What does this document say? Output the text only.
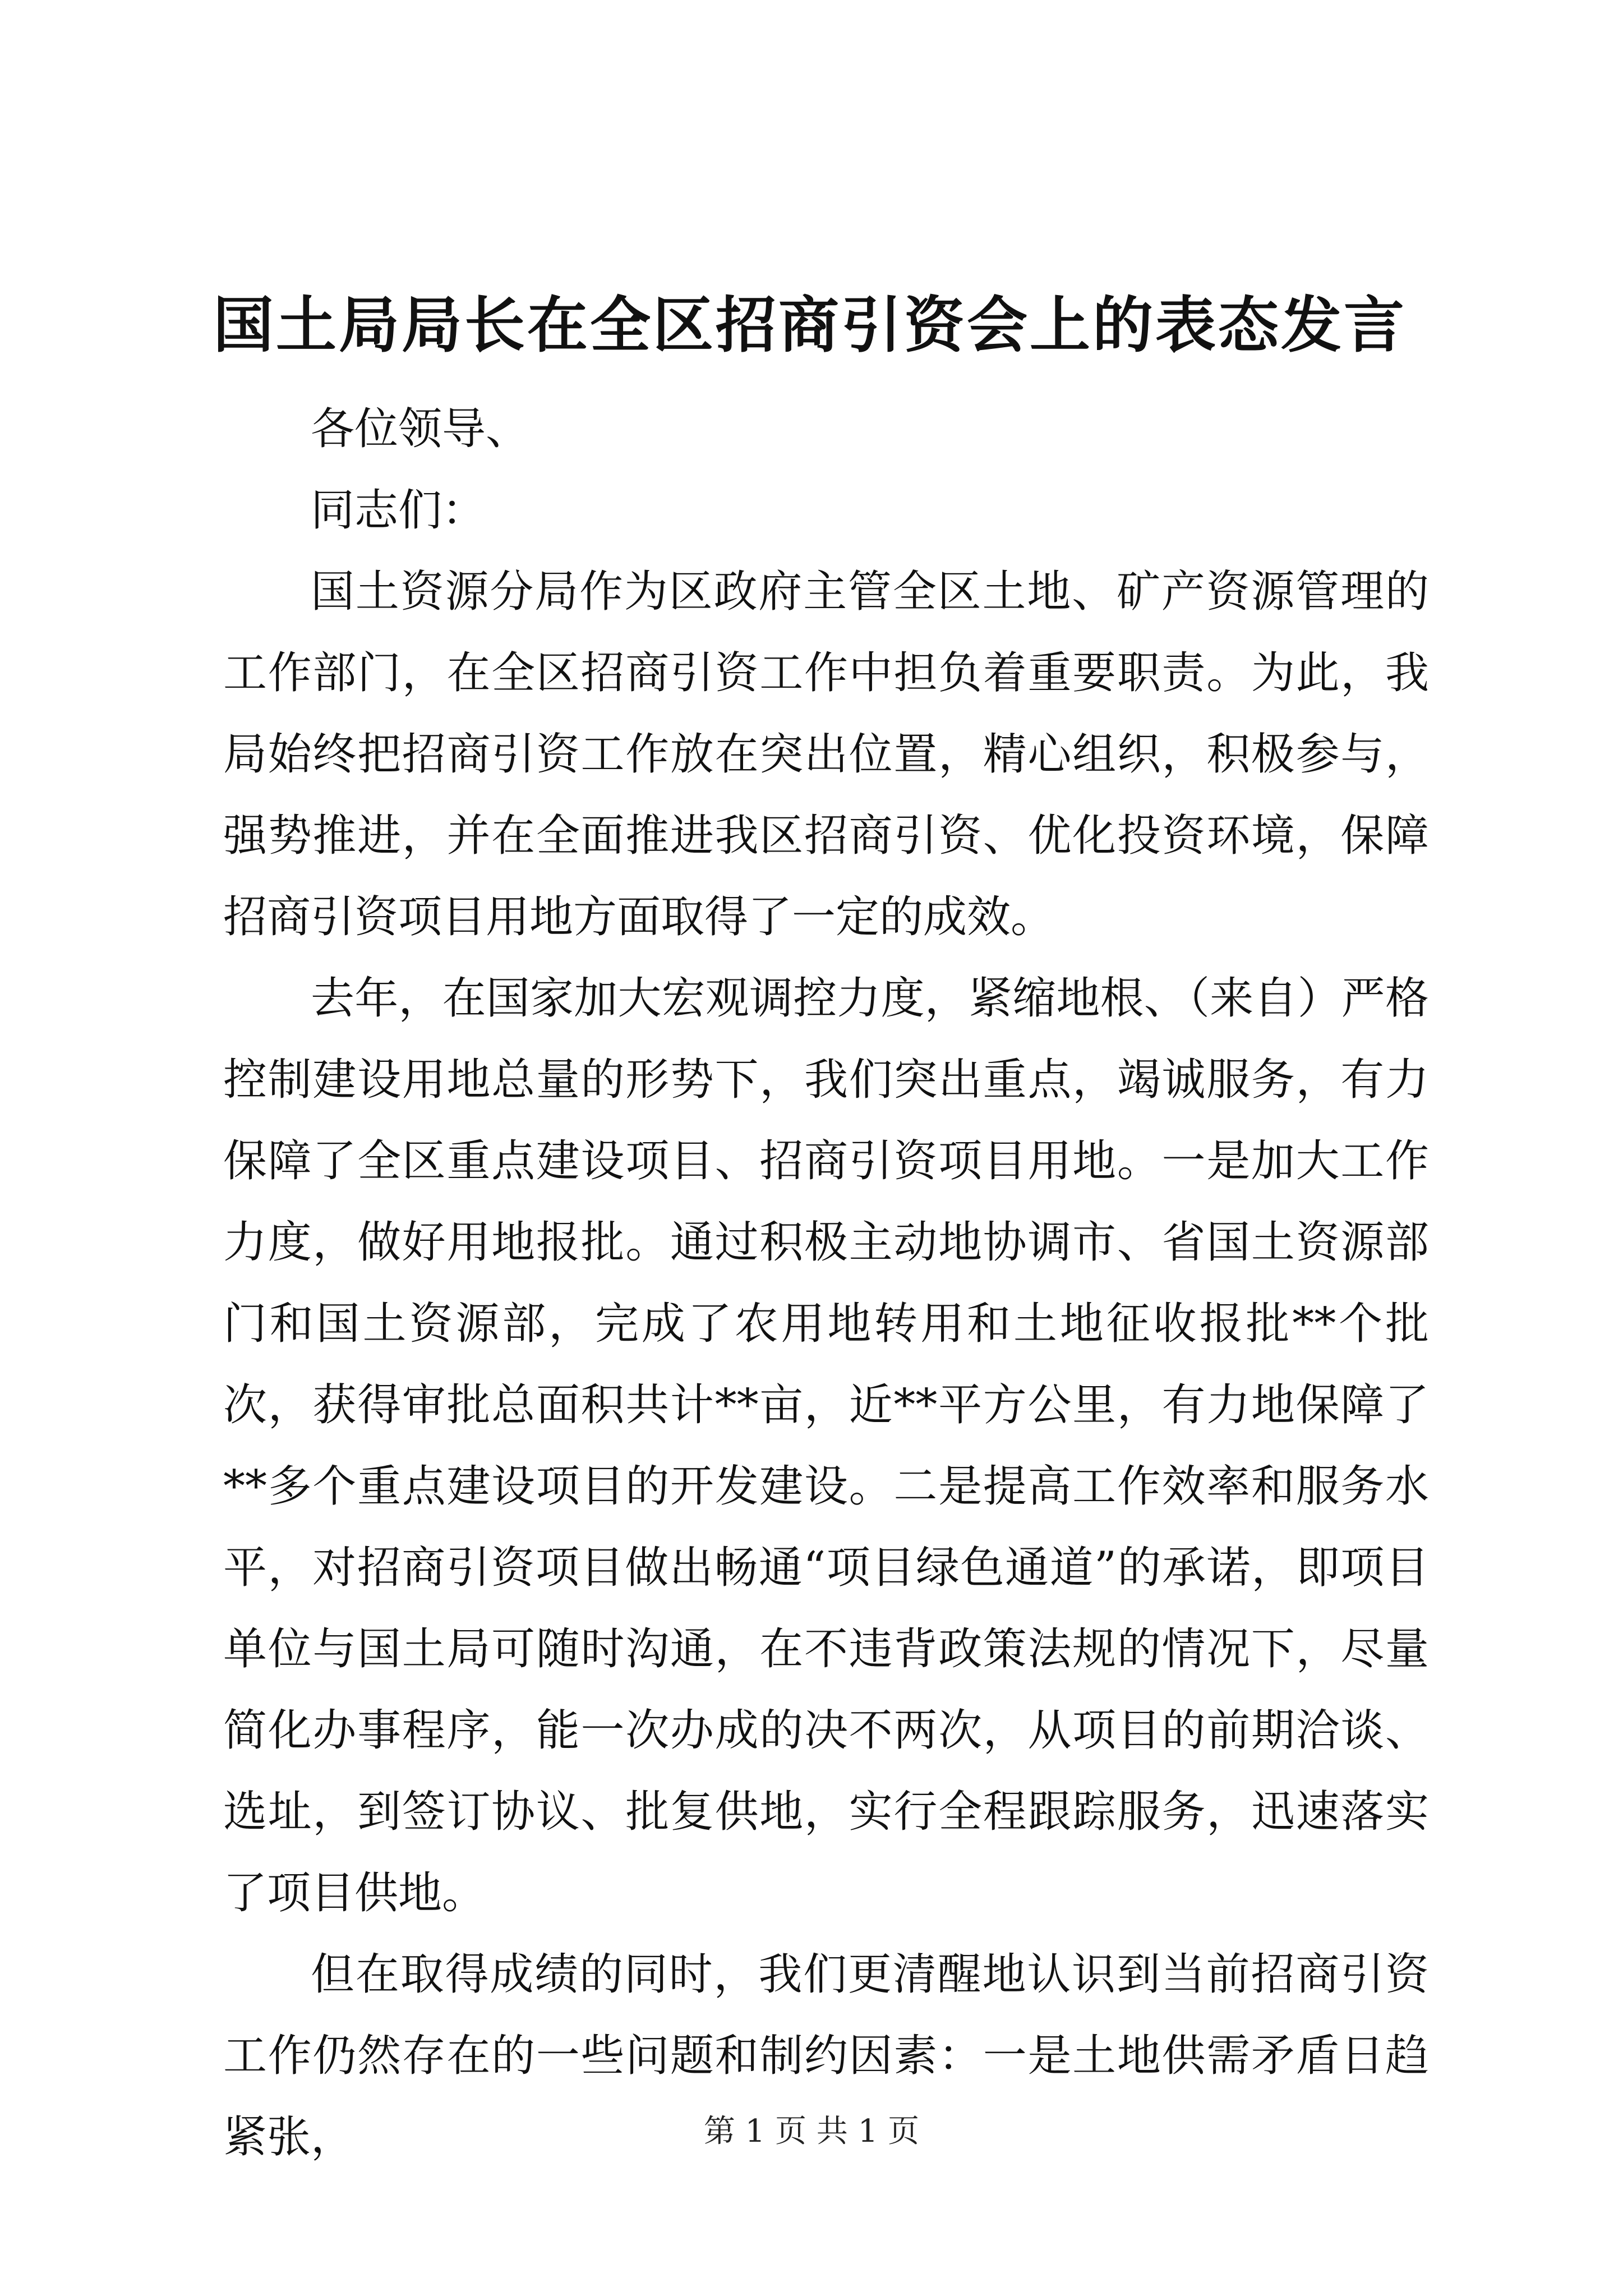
国土局局长在全区招商引资会上的表态发言

各位领导、

同志们：

国土资源分局作为区政府主管全区土地、矿产资源管理的工作部门，在全区招商引资工作中担负着重要职责。为此，我局始终把招商引资工作放在突出位置，精心组织，积极参与，强势推进，并在全面推进我区招商引资、优化投资环境，保障招商引资项目用地方面取得了一定的成效。

去年，在国家加大宏观调控力度，紧缩地根、（来自）严格控制建设用地总量的形势下，我们突出重点，竭诚服务，有力保障了全区重点建设项目、招商引资项目用地。一是加大工作力度，做好用地报批。通过积极主动地协调市、省国土资源部门和国土资源部，完成了农用地转用和土地征收报批**个批次，获得审批总面积共计**亩，近**平方公里，有力地保障了**多个重点建设项目的开发建设。二是提高工作效率和服务水平，对招商引资项目做出畅通“项目绿色通道”的承诺，即项目单位与国土局可随时沟通，在不违背政策法规的情况下，尽量简化办事程序，能一次办成的决不两次，从项目的前期洽谈、选址，到签订协议、批复供地，实行全程跟踪服务，迅速落实了项目供地。

但在取得成绩的同时，我们更清醒地认识到当前招商引资工作仍然存在的一些问题和制约因素：一是土地供需矛盾日趋紧张，	第 1 页 共 1 页
